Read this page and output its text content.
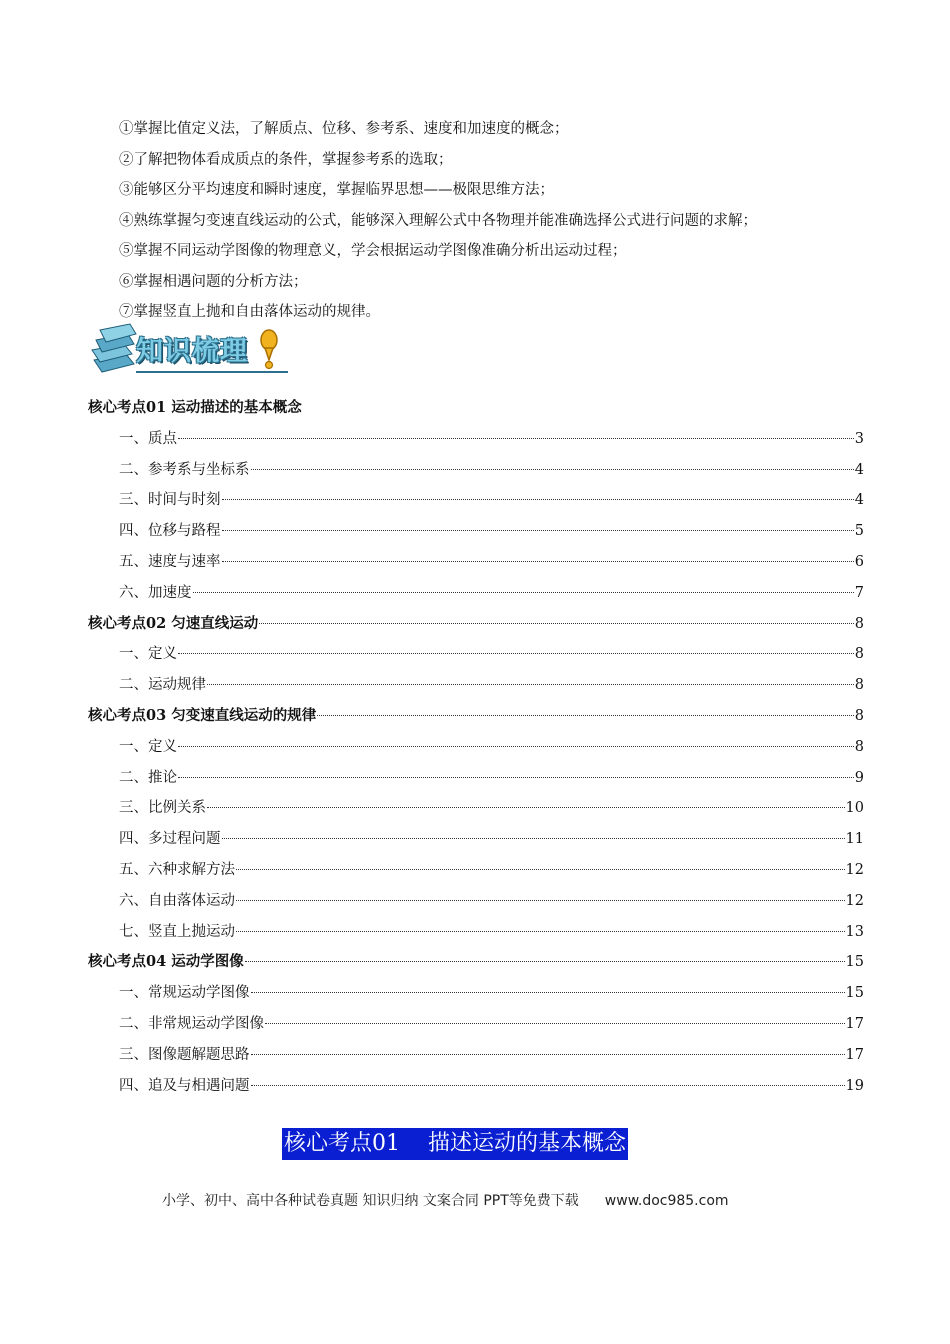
①掌握比值定义法，了解质点、位移、参考系、速度和加速度的概念；
②了解把物体看成质点的条件，掌握参考系的选取；
③能够区分平均速度和瞬时速度，掌握临界思想——极限思维方法；
④熟练掌握匀变速直线运动的公式，能够深入理解公式中各物理并能准确选择公式进行问题的求解；
⑤掌握不同运动学图像的物理意义，学会根据运动学图像准确分析出运动过程；
⑥掌握相遇问题的分析方法；
⑦掌握竖直上抛和自由落体运动的规律。
知识梳理
核心考点01 运动描述的基本概念
一、质点	3
二、参考系与坐标系	4
三、时间与时刻	4
四、位移与路程	5
五、速度与速率	6
六、加速度	7
核心考点02 匀速直线运动	8
一、定义	8
二、运动规律	8
核心考点03 匀变速直线运动的规律	8
一、定义	8
二、推论	9
三、比例关系	10
四、多过程问题	11
五、六种求解方法	12
六、自由落体运动	12
七、竖直上抛运动	13
核心考点04 运动学图像	15
一、常规运动学图像	15
二、非常规运动学图像	17
三、图像题解题思路	17
四、追及与相遇问题	19
核心考点01 描述运动的基本概念
小学、初中、高中各种试卷真题 知识归纳 文案合同 PPT等免费下载 www.doc985.com
